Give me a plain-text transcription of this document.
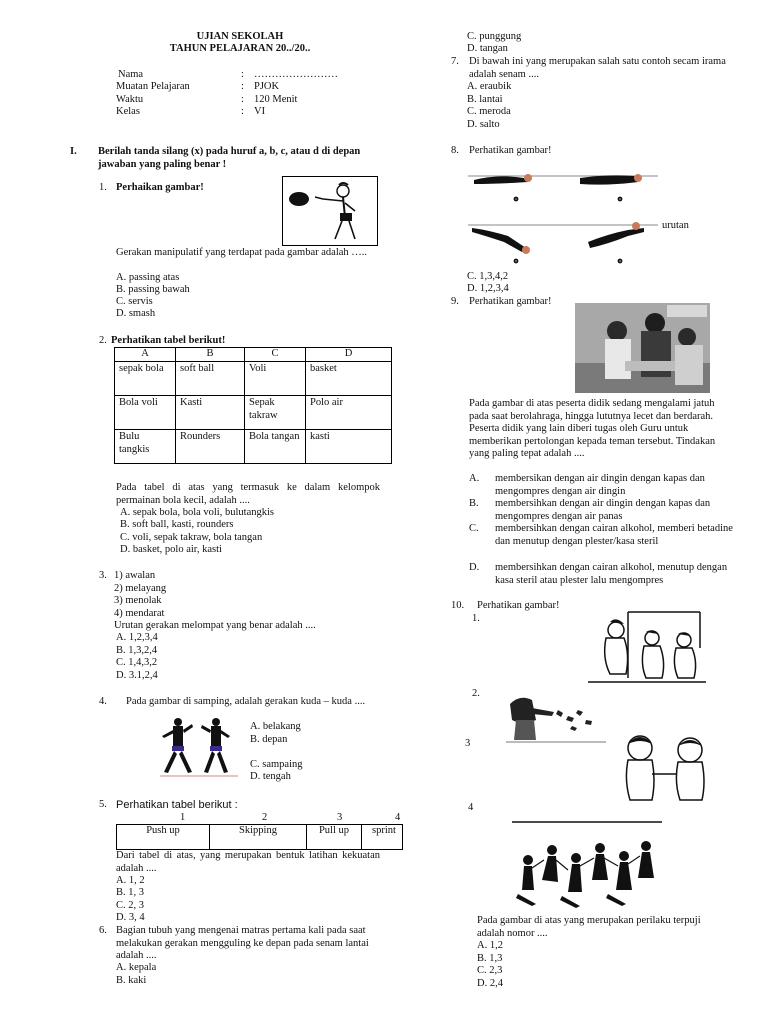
UJIAN SEKOLAH
TAHUN PELAJARAN 20../20..
Nama	: ……………………
Muatan Pelajaran	: PJOK
Waktu	: 120 Menit
Kelas	: VI
I. Berilah tanda silang (x) pada huruf a, b, c, atau d di depan jawaban yang paling benar !
1. Perhaikan gambar!
Gerakan manipulatif yang terdapat pada gambar adalah …..
A. passing atas
B. passing bawah
C. servis
D. smash
2. Perhatikan tabel berikut!
A	B	C	D
sepak bola	soft ball	Voli	basket
Bola voli	Kasti	Sepak takraw	Polo air
Bulu tangkis	Rounders	Bola tangan	kasti
Pada tabel di atas yang termasuk ke dalam kelompok permainan bola kecil, adalah ....
A. sepak bola, bola voli, bulutangkis
B. soft ball, kasti, rounders
C. voli, sepak takraw, bola tangan
D. basket, polo air, kasti
3. 1) awalan
2) melayang
3) menolak
4) mendarat
Urutan gerakan melompat yang benar adalah ....
A. 1,2,3,4
B. 1,3,2,4
C. 1,4,3,2
D. 3.1,2,4
4.	Pada gambar di samping, adalah gerakan kuda – kuda ....
A. belakang
B. depan
C. sampaing
D. tengah
5. Perhatikan tabel berikut :
1	2	3	4
Push up	Skipping	Pull up	sprint
Dari tabel di atas, yang merupakan bentuk latihan kekuatan adalah ....
A. 1, 2
B. 1, 3
C. 2, 3
D. 3, 4
6. Bagian tubuh yang mengenai matras pertama kali pada saat melakukan gerakan mengguling ke depan pada senam lantai adalah ....
A. kepala
B. kaki
C. punggung
D. tangan
7. Di bawah ini yang merupakan salah satu contoh secam irama adalah senam ....
A. eraubik
B. lantai
C. meroda
D. salto
8. Perhatikan gambar!
1	2
3	4
urutan
C. 1,3,4,2
D. 1,2,3,4
9. Perhatikan gambar!
Pada gambar di atas peserta didik sedang mengalami jatuh pada saat berolahraga, hingga lututnya lecet dan berdarah. Peserta didik yang lain diberi tugas oleh Guru untuk memberikan pertolongan kepada teman tersebut. Tindakan yang paling tepat adalah ....
A. membersikan dengan air dingin dengan kapas dan mengompres dengan air dingin
B. membersihkan dengan air dingin dengan kapas dan mengompres dengan air panas
C. membersihkan dengan cairan alkohol, memberi betadine dan menutup dengan plester/kasa steril
D. membersihkan dengan cairan alkohol, menutup dengan kasa steril atau plester lalu mengompres
10. Perhatikan gambar!
1.
2.
3
4
Pada gambar di atas yang merupakan perilaku terpuji adalah nomor ....
A. 1,2
B. 1,3
C. 2,3
D. 2,4
